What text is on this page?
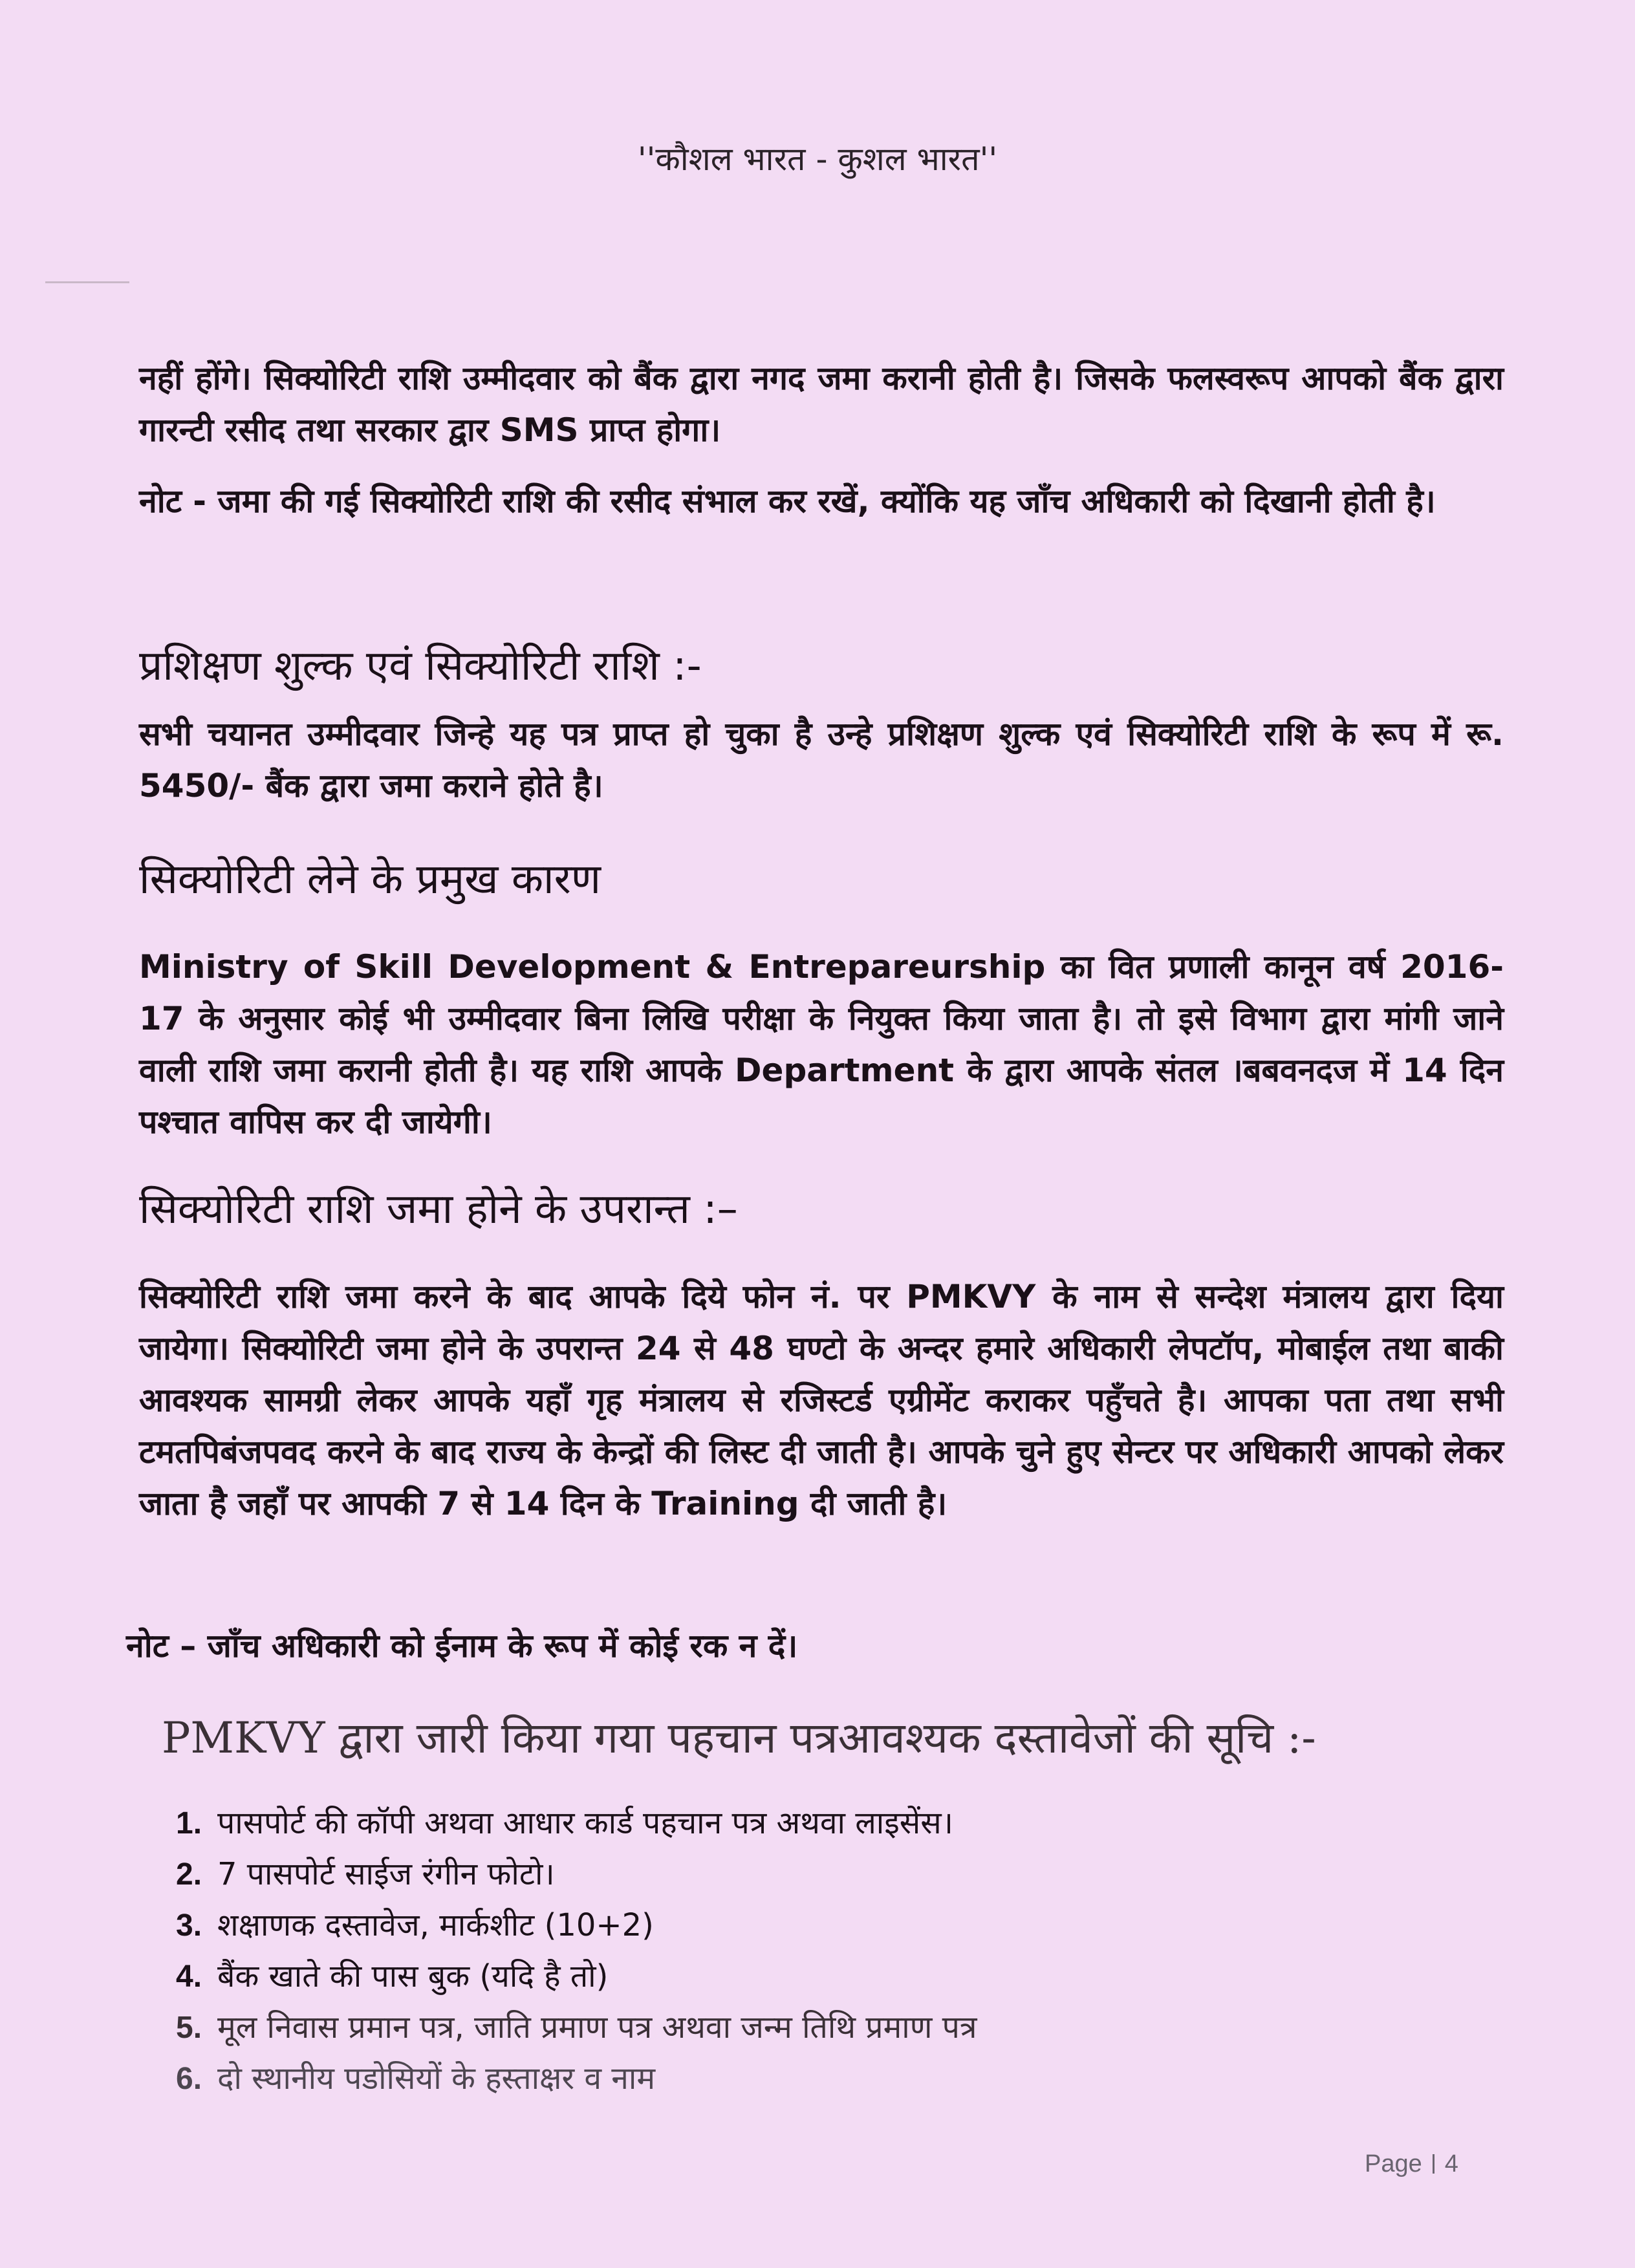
''कौशल भारत - कुशल भारत''

नहीं होंगे। सिक्योरिटी राशि उम्मीदवार को बैंक द्वारा नगद जमा करानी होती है। जिसके फलस्वरूप आपको बैंक द्वारा गारन्टी रसीद तथा सरकार द्वार SMS प्राप्त होगा।

नोट - जमा की गई सिक्योरिटी राशि की रसीद संभाल कर रखें, क्योंकि यह जाँच अधिकारी को दिखानी होती है।

प्रशिक्षण शुल्क एवं सिक्योरिटी राशि :-

सभी चयानत उम्मीदवार जिन्हे यह पत्र प्राप्त हो चुका है उन्हे प्रशिक्षण शुल्क एवं सिक्योरिटी राशि के रूप में रू. 5450/- बैंक द्वारा जमा कराने होते है।

सिक्योरिटी लेने के प्रमुख कारण

Ministry of Skill Development & Entrepareurship का वित प्रणाली कानून वर्ष 2016-17 के अनुसार कोई भी उम्मीदवार बिना लिखि परीक्षा के नियुक्त किया जाता है। तो इसे विभाग द्वारा मांगी जाने वाली राशि जमा करानी होती है। यह राशि आपके Department के द्वारा आपके संतल ।बबवनदज में 14 दिन पश्चात वापिस कर दी जायेगी।

सिक्योरिटी राशि जमा होने के उपरान्त :–

सिक्योरिटी राशि जमा करने के बाद आपके दिये फोन नं. पर PMKVY के नाम से सन्देश मंत्रालय द्वारा दिया जायेगा। सिक्योरिटी जमा होने के उपरान्त 24 से 48 घण्टो के अन्दर हमारे अधिकारी लेपटॉप, मोबाईल तथा बाकी आवश्यक सामग्री लेकर आपके यहाँ गृह मंत्रालय से रजिस्टर्ड एग्रीमेंट कराकर पहुँचते है। आपका पता तथा सभी टमतपिबंजपवद करने के बाद राज्य के केन्द्रों की लिस्ट दी जाती है। आपके चुने हुए सेन्टर पर अधिकारी आपको लेकर जाता है जहाँ पर आपकी 7 से 14 दिन के Training दी जाती है।

नोट – जाँच अधिकारी को ईनाम के रूप में कोई रक न दें।

PMKVY द्वारा जारी किया गया पहचान पत्रआवश्यक दस्तावेजों की सूचि :-
1. पासपोर्ट की कॉपी अथवा आधार कार्ड पहचान पत्र अथवा लाइसेंस।
2. 7 पासपोर्ट साईज रंगीन फोटो।
3. शक्षाणक दस्तावेज, मार्कशीट (10+2)
4. बैंक खाते की पास बुक (यदि है तो)
5. मूल निवास प्रमान पत्र, जाति प्रमाण पत्र अथवा जन्म तिथि प्रमाण पत्र
6. दो स्थानीय पडोसियों के हस्ताक्षर व नाम
Page 4
